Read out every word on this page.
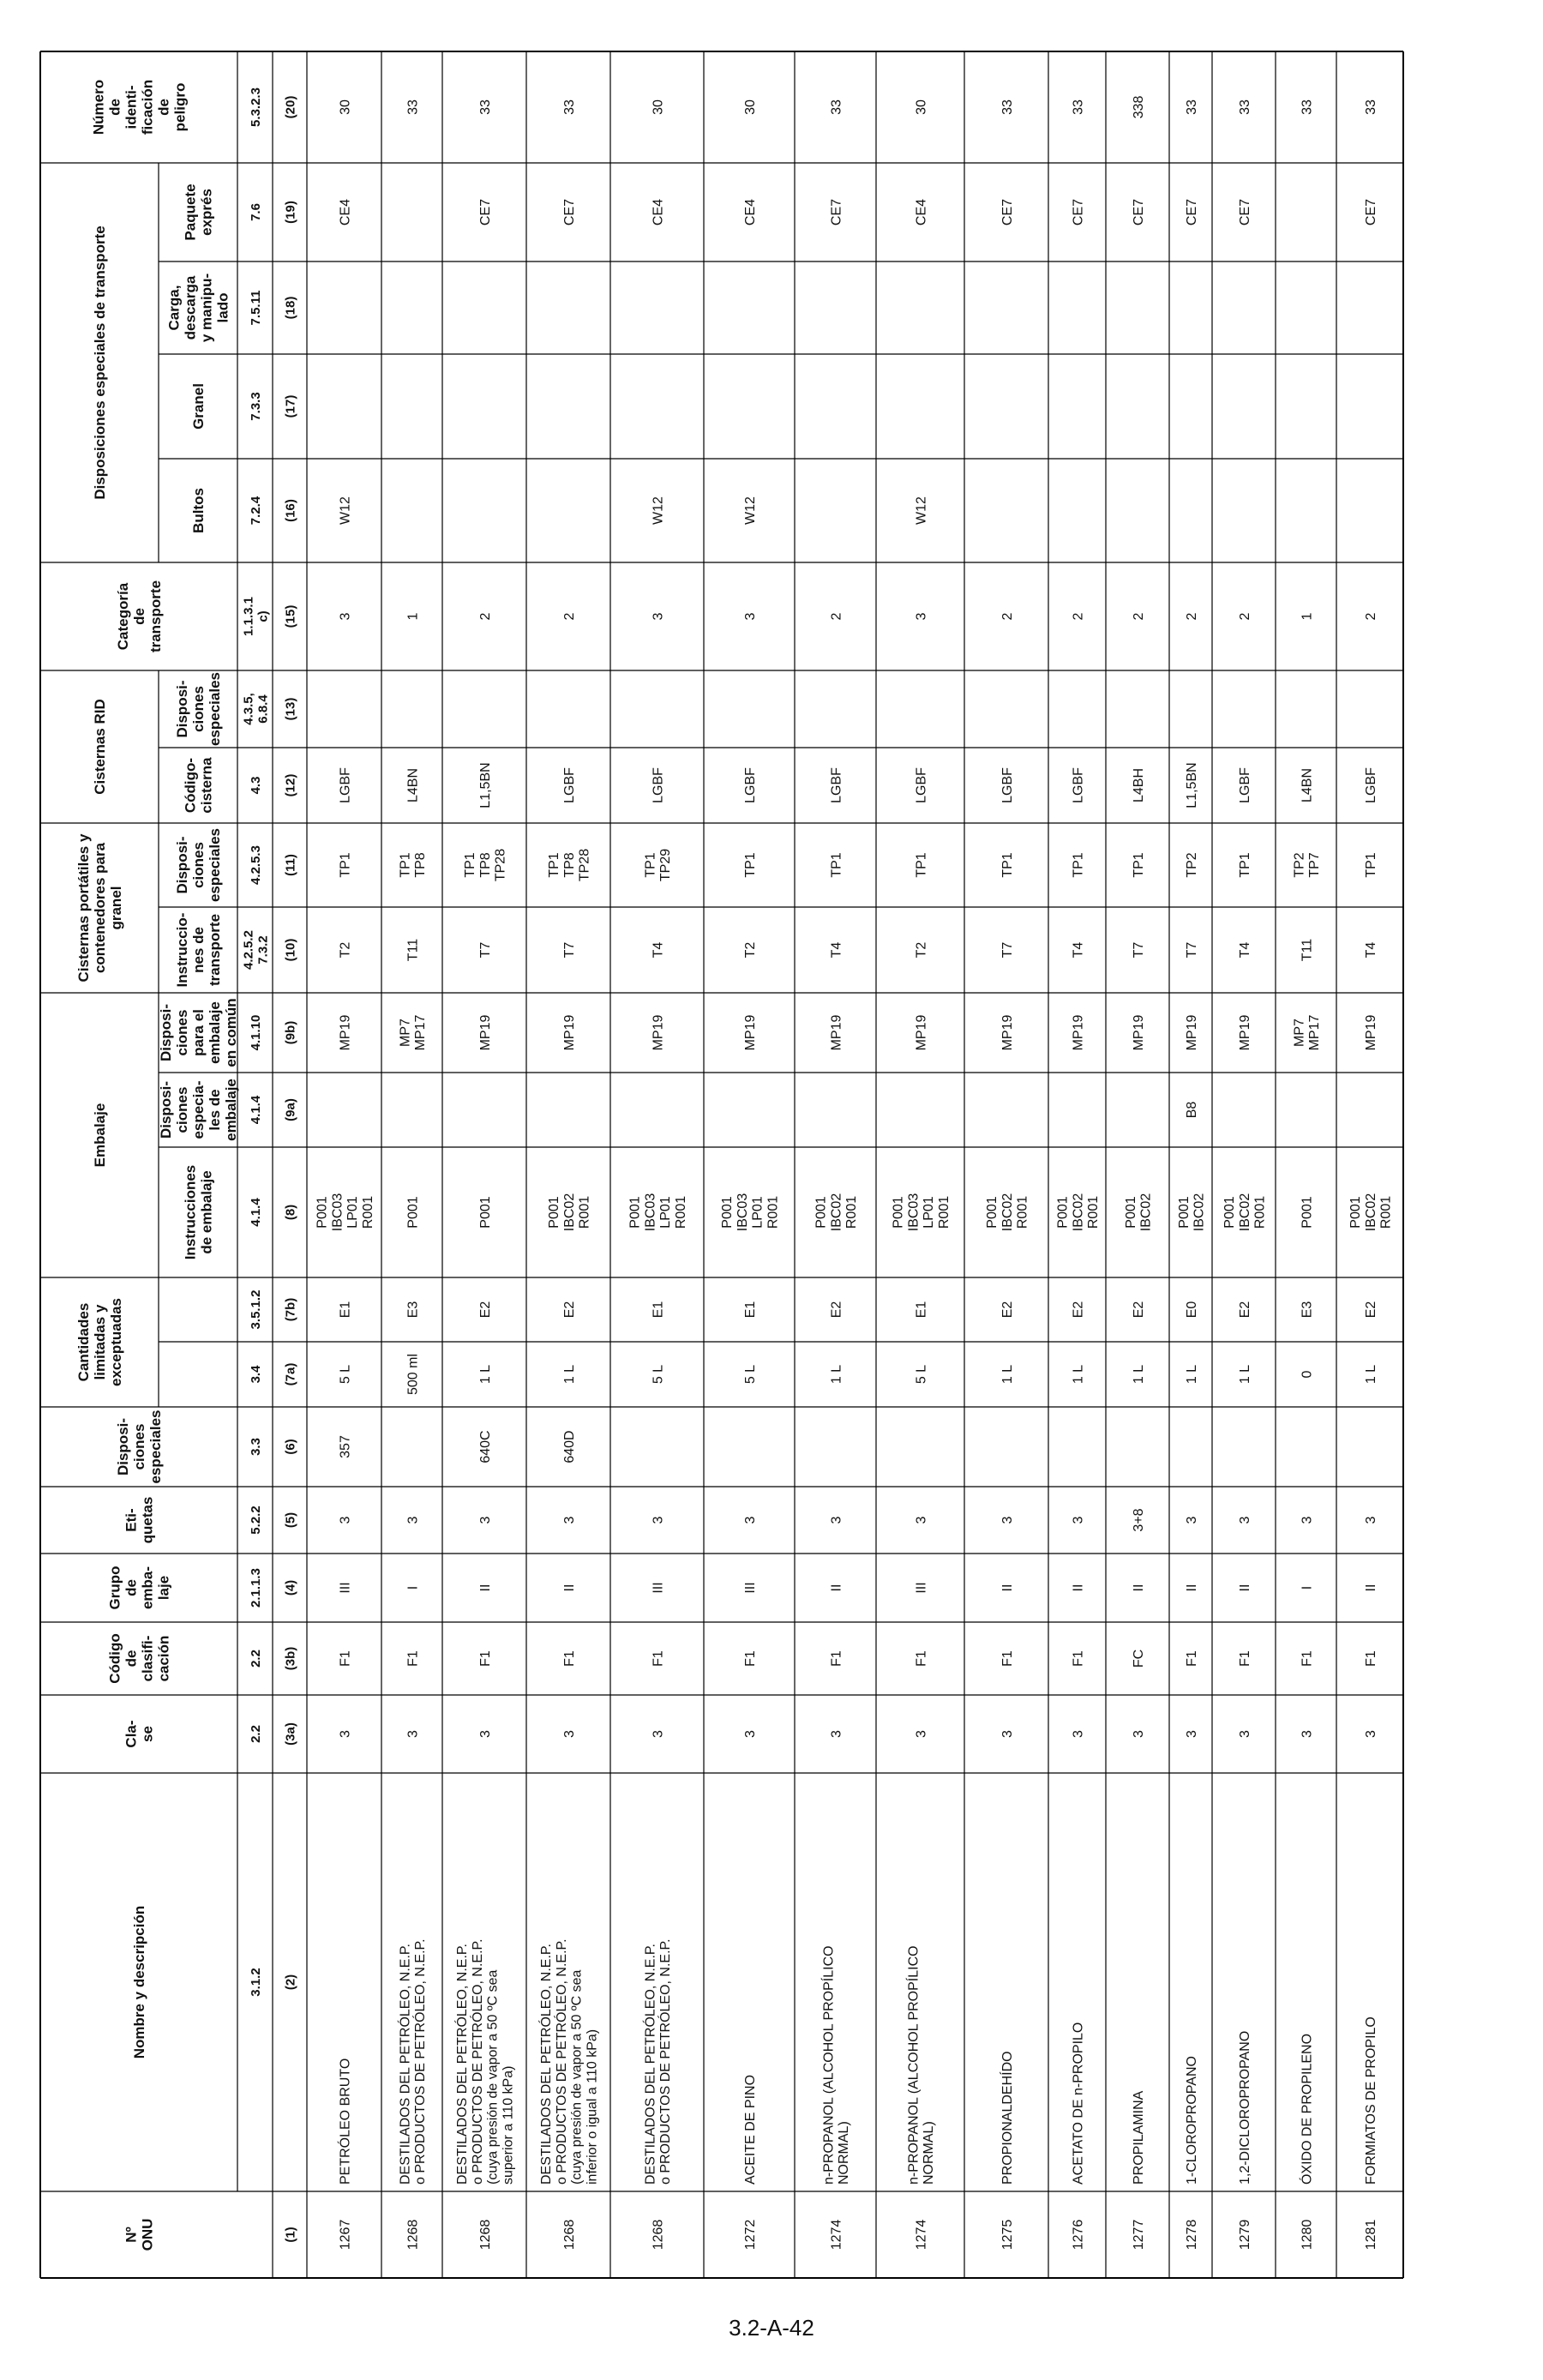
Nº ONU
Nombre y descripción
Cla- se
Código de clasifi- cación
Grupo de emba- laje
Eti- quetas
Disposi- ciones especiales
Cantidades limitadas y exceptuadas
Embalaje
Cisternas portátiles y contenedores para granel
Cisternas RID
Categoría de transporte
Disposiciones especiales de transporte
Número de identi- ficación de peligro
Instrucciones de embalaje
Disposi- ciones especia- les de embalaje
Disposi- ciones para el embalaje en común
Instruccio- nes de transporte
Disposi- ciones especiales
Código- cisterna
Disposi- ciones especiales
Bultos
Granel
Carga, descarga y manipu- lado
Paquete exprés
3.1.2
2.2
2.2
2.1.1.3
5.2.2
3.3
3.4
3.5.1.2
4.1.4
4.1.4
4.1.10
4.2.5.2 7.3.2
4.2.5.3
4.3
4.3.5, 6.8.4
1.1.3.1 c)
7.2.4
7.3.3
7.5.11
7.6
5.3.2.3
(1)
(2)
(3a)
(3b)
(4)
(5)
(6)
(7a)
(7b)
(8)
(9a)
(9b)
(10)
(11)
(12)
(13)
(15)
(16)
(17)
(18)
(19)
(20)
1267
PETRÓLEO BRUTO
3
F1
III
3
357
5 L
E1
P001 IBC03 LP01 R001
MP19
T2
TP1
LGBF
3
W12
CE4
30
1268
DESTILADOS DEL PETRÓLEO, N.E.P. o PRODUCTOS DE PETRÓLEO, N.E.P.
3
F1
I
3
500 ml
E3
P001
MP7 MP17
T11
TP1 TP8
L4BN
1
33
1268
DESTILADOS DEL PETRÓLEO, N.E.P. o PRODUCTOS DE PETRÓLEO, N.E.P. (cuya presión de vapor a 50 ºC sea superior a 110 kPa)
3
F1
II
3
640C
1 L
E2
P001
MP19
T7
TP1 TP8 TP28
L1,5BN
2
CE7
33
1268
DESTILADOS DEL PETRÓLEO, N.E.P. o PRODUCTOS DE PETRÓLEO, N.E.P. (cuya presión de vapor a 50 ºC sea inferior o igual a 110 kPa)
3
F1
II
3
640D
1 L
E2
P001 IBC02 R001
MP19
T7
TP1 TP8 TP28
LGBF
2
CE7
33
1268
DESTILADOS DEL PETRÓLEO, N.E.P. o PRODUCTOS DE PETRÓLEO, N.E.P.
3
F1
III
3
5 L
E1
P001 IBC03 LP01 R001
MP19
T4
TP1 TP29
LGBF
3
W12
CE4
30
1272
ACEITE DE PINO
3
F1
III
3
5 L
E1
P001 IBC03 LP01 R001
MP19
T2
TP1
LGBF
3
W12
CE4
30
1274
n-PROPANOL (ALCOHOL PROPÍLICO NORMAL)
3
F1
II
3
1 L
E2
P001 IBC02 R001
MP19
T4
TP1
LGBF
2
CE7
33
1274
n-PROPANOL (ALCOHOL PROPÍLICO NORMAL)
3
F1
III
3
5 L
E1
P001 IBC03 LP01 R001
MP19
T2
TP1
LGBF
3
W12
CE4
30
1275
PROPIONALDEHÍDO
3
F1
II
3
1 L
E2
P001 IBC02 R001
MP19
T7
TP1
LGBF
2
CE7
33
1276
ACETATO DE n-PROPILO
3
F1
II
3
1 L
E2
P001 IBC02 R001
MP19
T4
TP1
LGBF
2
CE7
33
1277
PROPILAMINA
3
FC
II
3+8
1 L
E2
P001 IBC02
MP19
T7
TP1
L4BH
2
CE7
338
1278
1-CLOROPROPANO
3
F1
II
3
1 L
E0
P001 IBC02
B8
MP19
T7
TP2
L1,5BN
2
CE7
33
1279
1,2-DICLOROPROPANO
3
F1
II
3
1 L
E2
P001 IBC02 R001
MP19
T4
TP1
LGBF
2
CE7
33
1280
ÓXIDO DE PROPILENO
3
F1
I
3
0
E3
P001
MP7 MP17
T11
TP2 TP7
L4BN
1
33
1281
FORMIATOS DE PROPILO
3
F1
II
3
1 L
E2
P001 IBC02 R001
MP19
T4
TP1
LGBF
2
CE7
33
3.2-A-42
